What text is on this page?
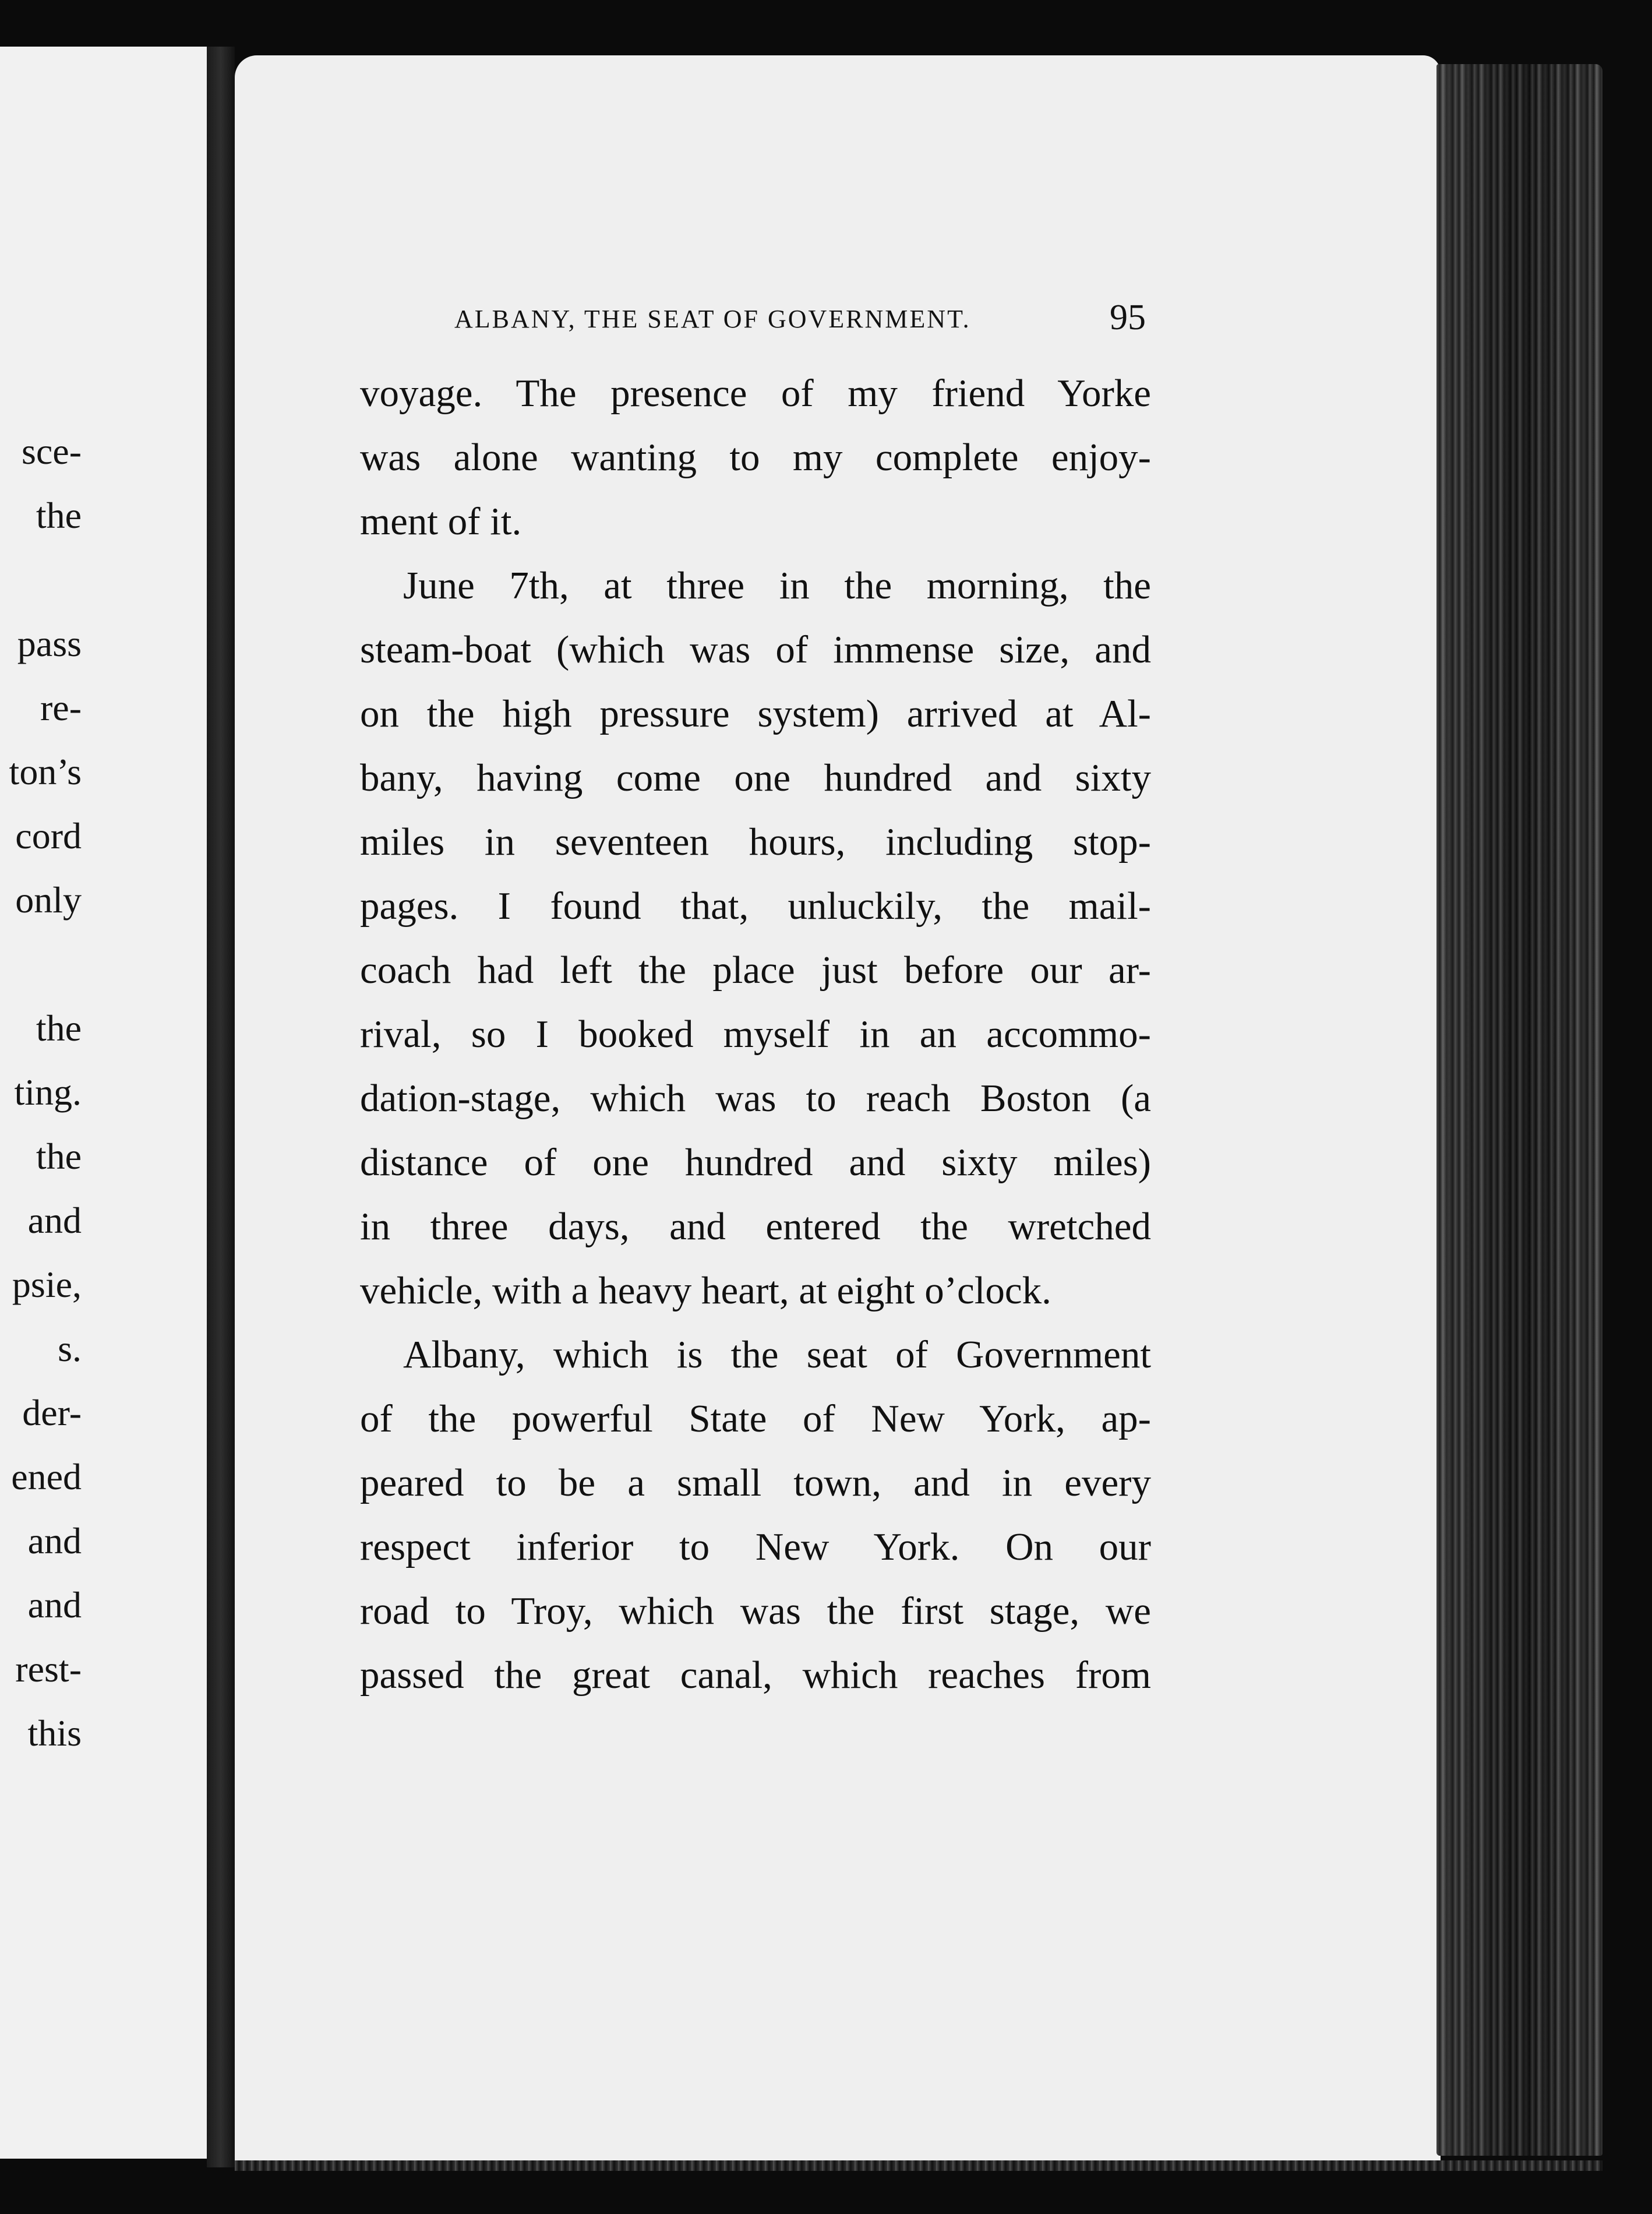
sce-
the
pass
re-
ton’s
cord
only
the
ting.
the
and
psie,
s.
der-
ened
and
and
rest-
this
ALBANY, THE SEAT OF GOVERNMENT.	95
voyage. The presence of my friend Yorke
was alone wanting to my complete enjoy-
ment of it.
June 7th, at three in the morning, the
steam-boat (which was of immense size, and
on the high pressure system) arrived at Al-
bany, having come one hundred and sixty
miles in seventeen hours, including stop-
pages. I found that, unluckily, the mail-
coach had left the place just before our ar-
rival, so I booked myself in an accommo-
dation-stage, which was to reach Boston (a
distance of one hundred and sixty miles)
in three days, and entered the wretched
vehicle, with a heavy heart, at eight o’clock.
Albany, which is the seat of Government
of the powerful State of New York, ap-
peared to be a small town, and in every
respect inferior to New York. On our
road to Troy, which was the first stage, we
passed the great canal, which reaches from
